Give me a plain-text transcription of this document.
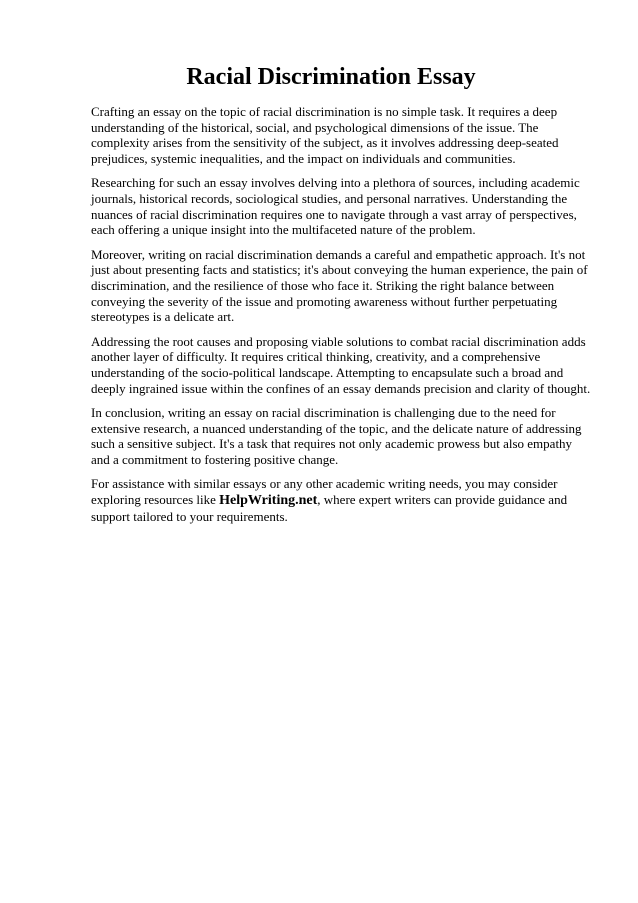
Racial Discrimination Essay

Crafting an essay on the topic of racial discrimination is no simple task. It requires a deep understanding of the historical, social, and psychological dimensions of the issue. The complexity arises from the sensitivity of the subject, as it involves addressing deep-seated prejudices, systemic inequalities, and the impact on individuals and communities.

Researching for such an essay involves delving into a plethora of sources, including academic journals, historical records, sociological studies, and personal narratives. Understanding the nuances of racial discrimination requires one to navigate through a vast array of perspectives, each offering a unique insight into the multifaceted nature of the problem.

Moreover, writing on racial discrimination demands a careful and empathetic approach. It's not just about presenting facts and statistics; it's about conveying the human experience, the pain of discrimination, and the resilience of those who face it. Striking the right balance between conveying the severity of the issue and promoting awareness without further perpetuating stereotypes is a delicate art.

Addressing the root causes and proposing viable solutions to combat racial discrimination adds another layer of difficulty. It requires critical thinking, creativity, and a comprehensive understanding of the socio-political landscape. Attempting to encapsulate such a broad and deeply ingrained issue within the confines of an essay demands precision and clarity of thought.

In conclusion, writing an essay on racial discrimination is challenging due to the need for extensive research, a nuanced understanding of the topic, and the delicate nature of addressing such a sensitive subject. It's a task that requires not only academic prowess but also empathy and a commitment to fostering positive change.

For assistance with similar essays or any other academic writing needs, you may consider exploring resources like HelpWriting.net, where expert writers can provide guidance and support tailored to your requirements.
